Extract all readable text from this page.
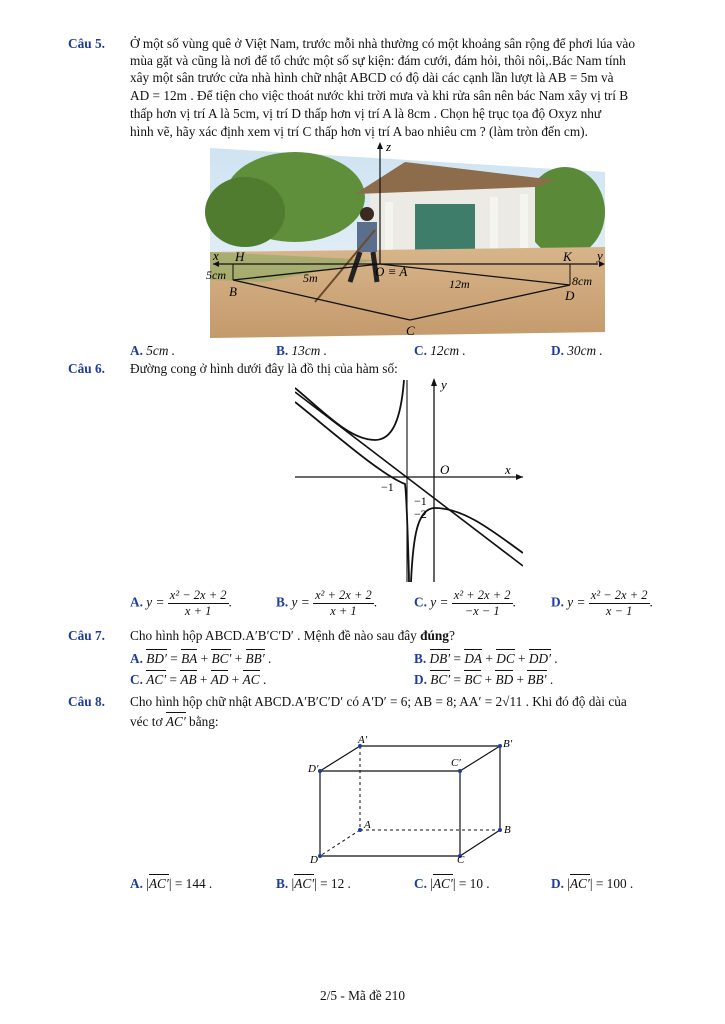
Câu 5. Ở một số vùng quê ở Việt Nam, trước mỗi nhà thường có một khoảng sân rộng để phơi lúa vào
mùa gặt và cũng là nơi để tổ chức một số sự kiện: đám cưới, đám hỏi, thôi nôi,.Bác Nam tính
xây một sân trước cửa nhà hình chữ nhật ABCD có độ dài các cạnh lần lượt là AB = 5m và
AD = 12m . Để tiện cho việc thoát nước khi trời mưa và khi rửa sân nên bác Nam xây vị trí B
thấp hơn vị trí A là 5cm, vị trí D thấp hơn vị trí A là 8cm . Chọn hệ trục tọa độ Oxyz như
hình vẽ, hãy xác định xem vị trí C thấp hơn vị trí A bao nhiêu cm ? (làm tròn đến cm).
z
x	y
H	K
B	D
C
O ≡ A
5cm	5m	12m	8cm
A. 5cm .	B. 13cm .	C. 12cm .	D. 30cm .
Câu 6. Đường cong ở hình dưới đây là đồ thị của hàm số:
y
x
O
−1
−1
−2
A. $y = \frac{\text{x² − 2x + 2}}{x + 1}$ .	B. $y = \frac{\text{x² + 2x + 2}}{x + 1}$ .	C. $y = \frac{\text{x² + 2x + 2}}{-x - 1}$ .	D. $y = \frac{\text{x² − 2x + 2}}{x - 1}$ .
Câu 7. Cho hình hộp ABCD.A′B′C′D′ . Mệnh đề nào sau đây đúng?
A. BD′ = BA + BC′ + BB′ .	B. DB′ = DA + DC + DD′ .
C. AC′ = AB + AD + AC .	D. BC′ = BC + BD + BB′ .
Câu 8. Cho hình hộp chữ nhật ABCD.A′B′C′D′ có A′D′ = 6; AB = 8; AA′ = 2√11 . Khi đó độ dài của
véc tơ AC′ bằng:
A′	B′
C′
D′
A	B
C
D
A. |AC′| = 144 .	B. |AC′| = 12 .	C. |AC′| = 10 .	D. |AC′| = 100 .
2/5 - Mã đề 210
